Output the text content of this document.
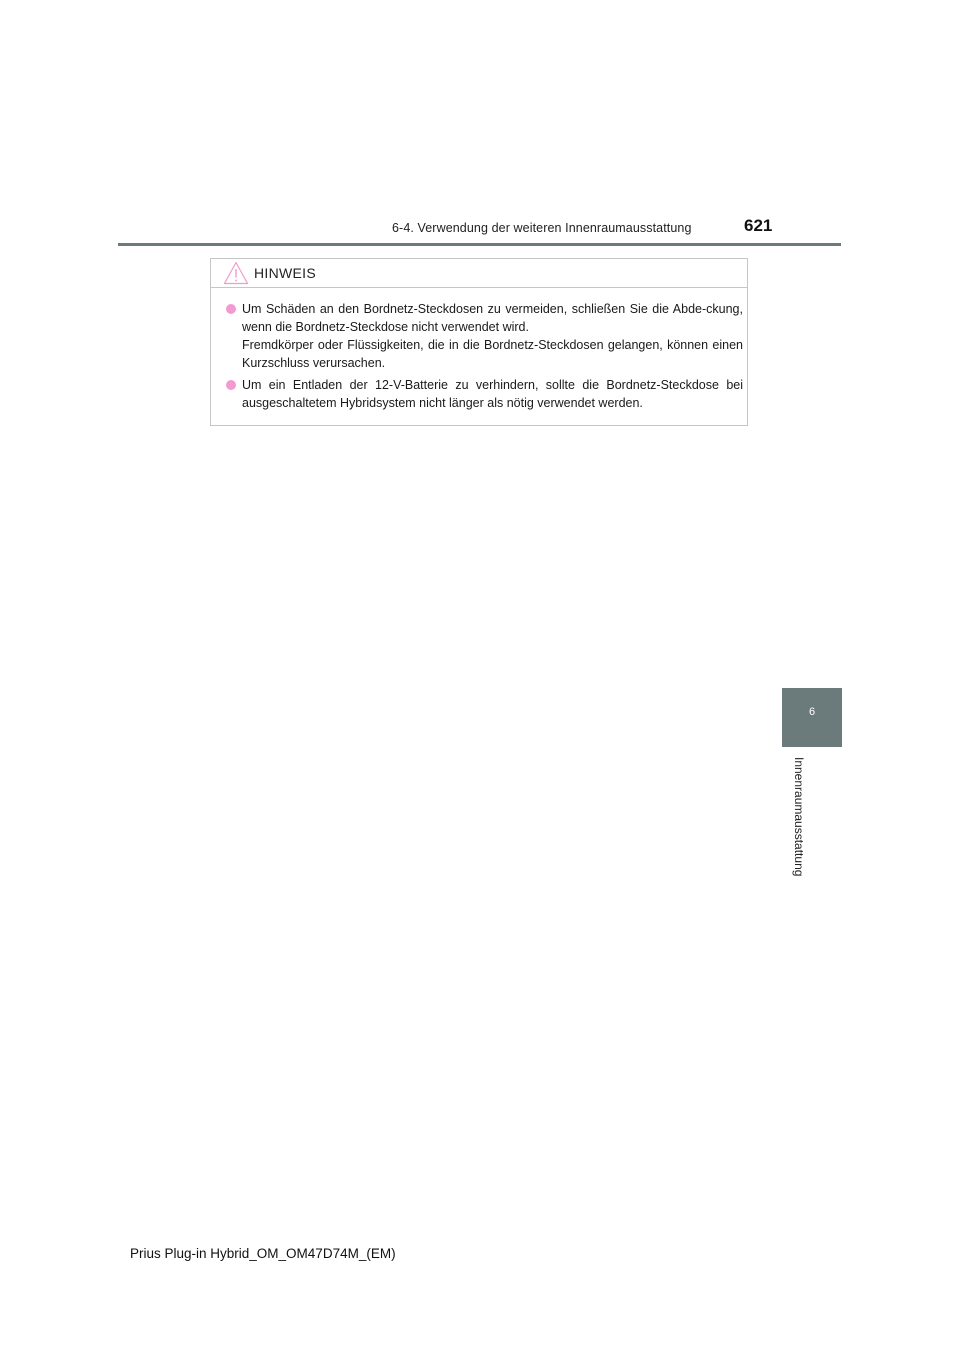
6-4. Verwendung der weiteren Innenraumausstattung	621
HINWEIS

Um Schäden an den Bordnetz-Steckdosen zu vermeiden, schließen Sie die Abde-ckung, wenn die Bordnetz-Steckdose nicht verwendet wird.

Fremdkörper oder Flüssigkeiten, die in die Bordnetz-Steckdosen gelangen, können einen Kurzschluss verursachen.

Um ein Entladen der 12-V-Batterie zu verhindern, sollte die Bordnetz-Steckdose bei ausgeschaltetem Hybridsystem nicht länger als nötig verwendet werden.

6
Innenraumausstattung
Prius Plug-in Hybrid_OM_OM47D74M_(EM)
